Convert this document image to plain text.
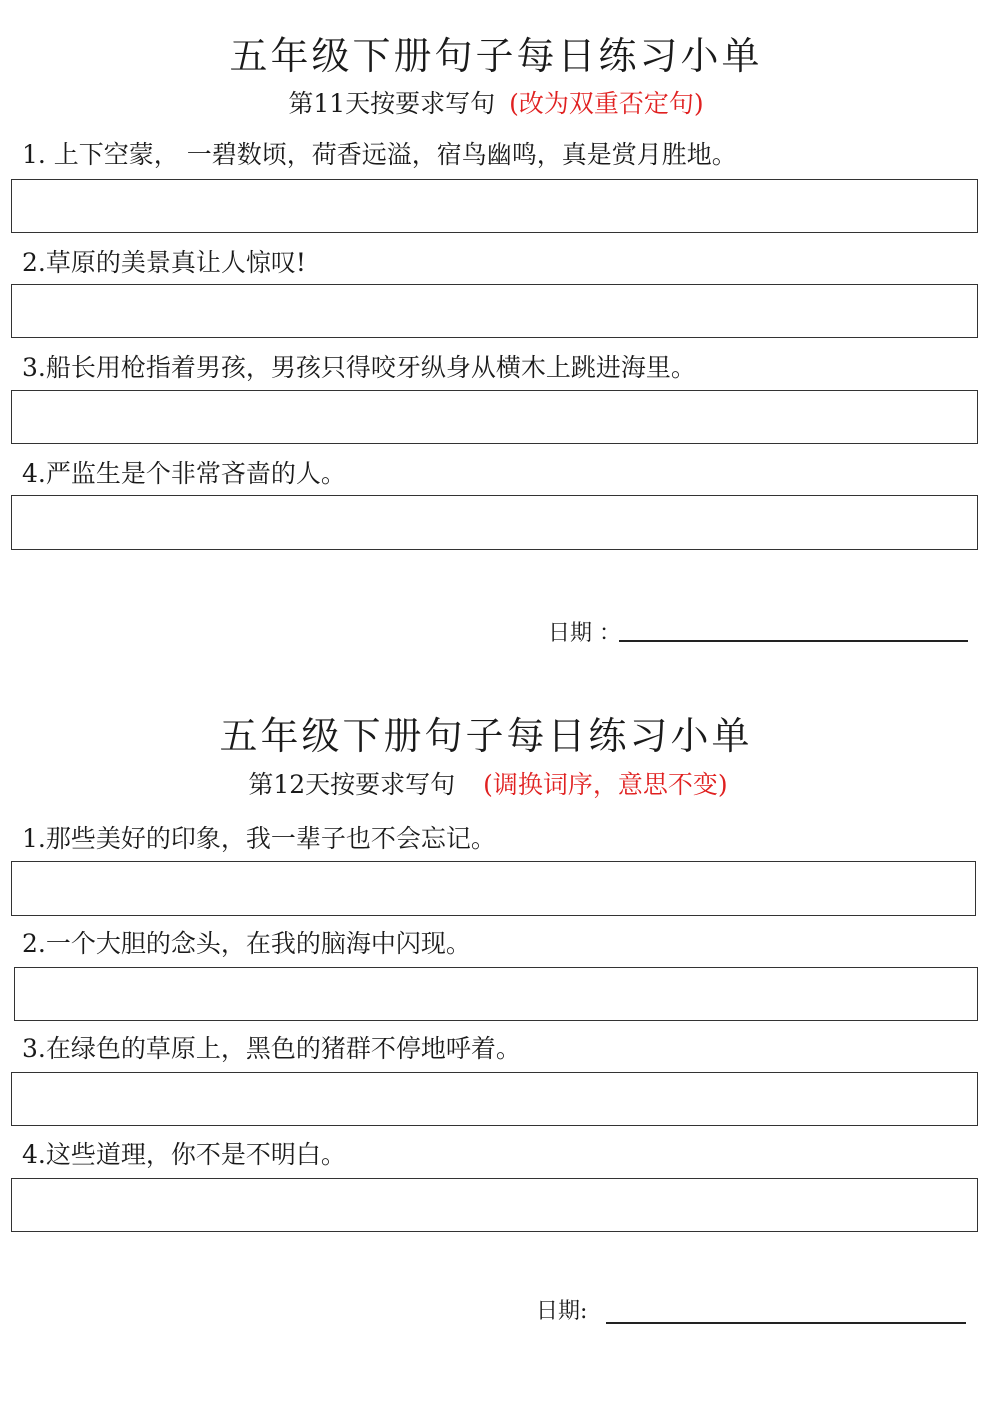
五年级下册句子每日练习小单
第11天按要求写句 (改为双重否定句)
1. 上下空蒙， 一碧数顷，荷香远溢，宿鸟幽鸣，真是赏月胜地。
2.草原的美景真让人惊叹!
3.船长用枪指着男孩，男孩只得咬牙纵身从横木上跳进海里。
4.严监生是个非常吝啬的人。
日期 ：
五年级下册句子每日练习小单
第12天按要求写句 (调换词序，意思不变)
1.那些美好的印象，我一辈子也不会忘记。
2.一个大胆的念头，在我的脑海中闪现。
3.在绿色的草原上，黑色的猪群不停地呼着。
4.这些道理，你不是不明白。
日期:
